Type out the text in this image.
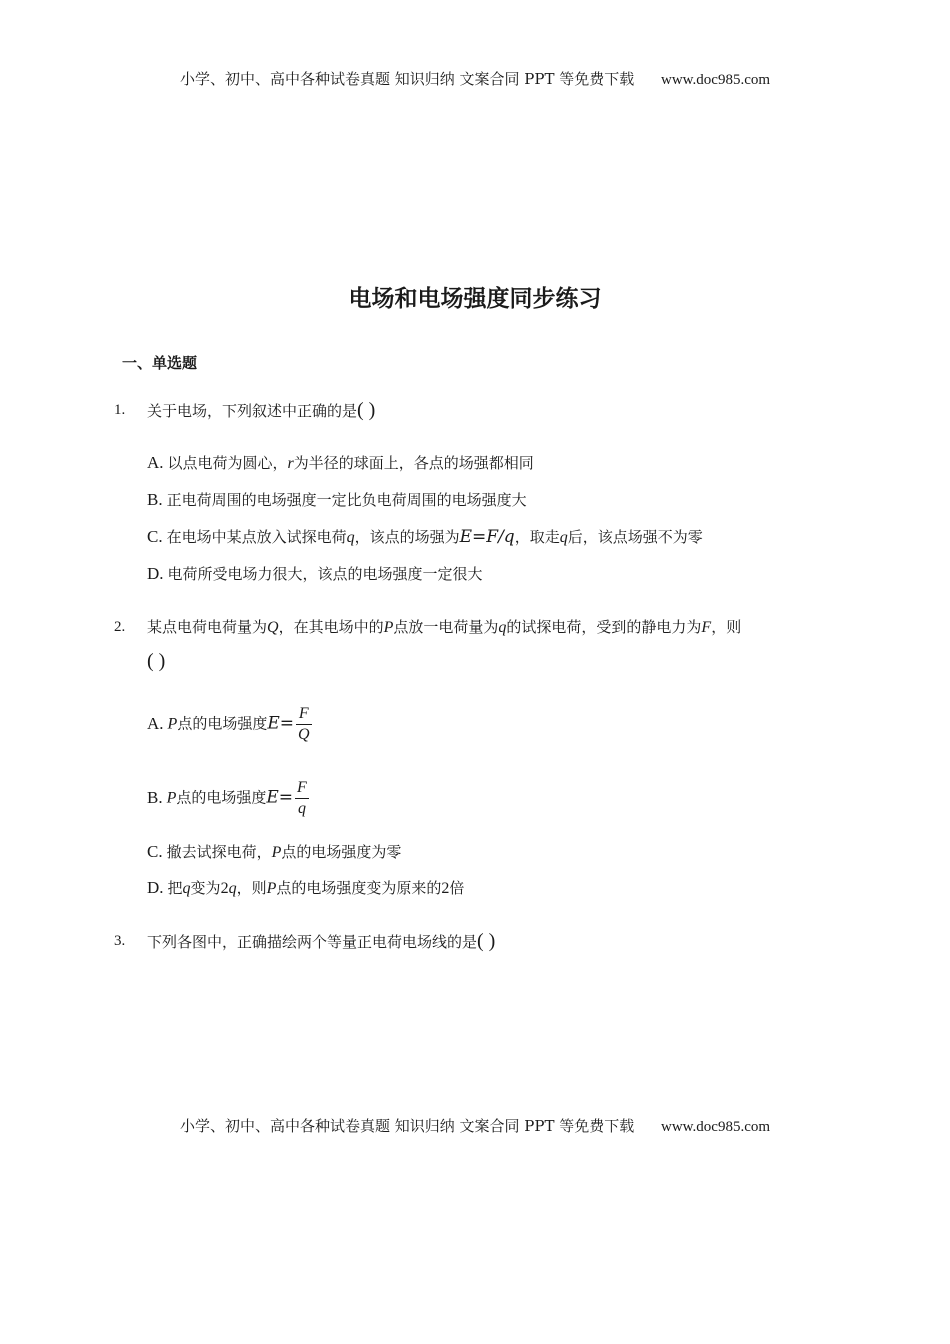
小学、初中、高中各种试卷真题 知识归纳 文案合同 PPT 等免费下载 www.doc985.com
电场和电场强度同步练习
一、单选题
1. 关于电场，下列叙述中正确的是( )
A. 以点电荷为圆心，r为半径的球面上，各点的场强都相同
B. 正电荷周围的电场强度一定比负电荷周围的电场强度大
C. 在电场中某点放入试探电荷q，该点的场强为E=F/q，取走q后，该点场强不为零
D. 电荷所受电场力很大，该点的电场强度一定很大
2. 某点电荷电荷量为Q，在其电场中的P点放一电荷量为q的试探电荷，受到的静电力为F，则
( )
A. P点的电场强度$E= \frac{F}{Q}$
B. P点的电场强度$E= \frac{F}{q}$
C. 撤去试探电荷，P点的电场强度为零
D. 把q变为2q，则P点的电场强度变为原来的2倍
3. 下列各图中，正确描绘两个等量正电荷电场线的是( )
小学、初中、高中各种试卷真题 知识归纳 文案合同 PPT 等免费下载 www.doc985.com
